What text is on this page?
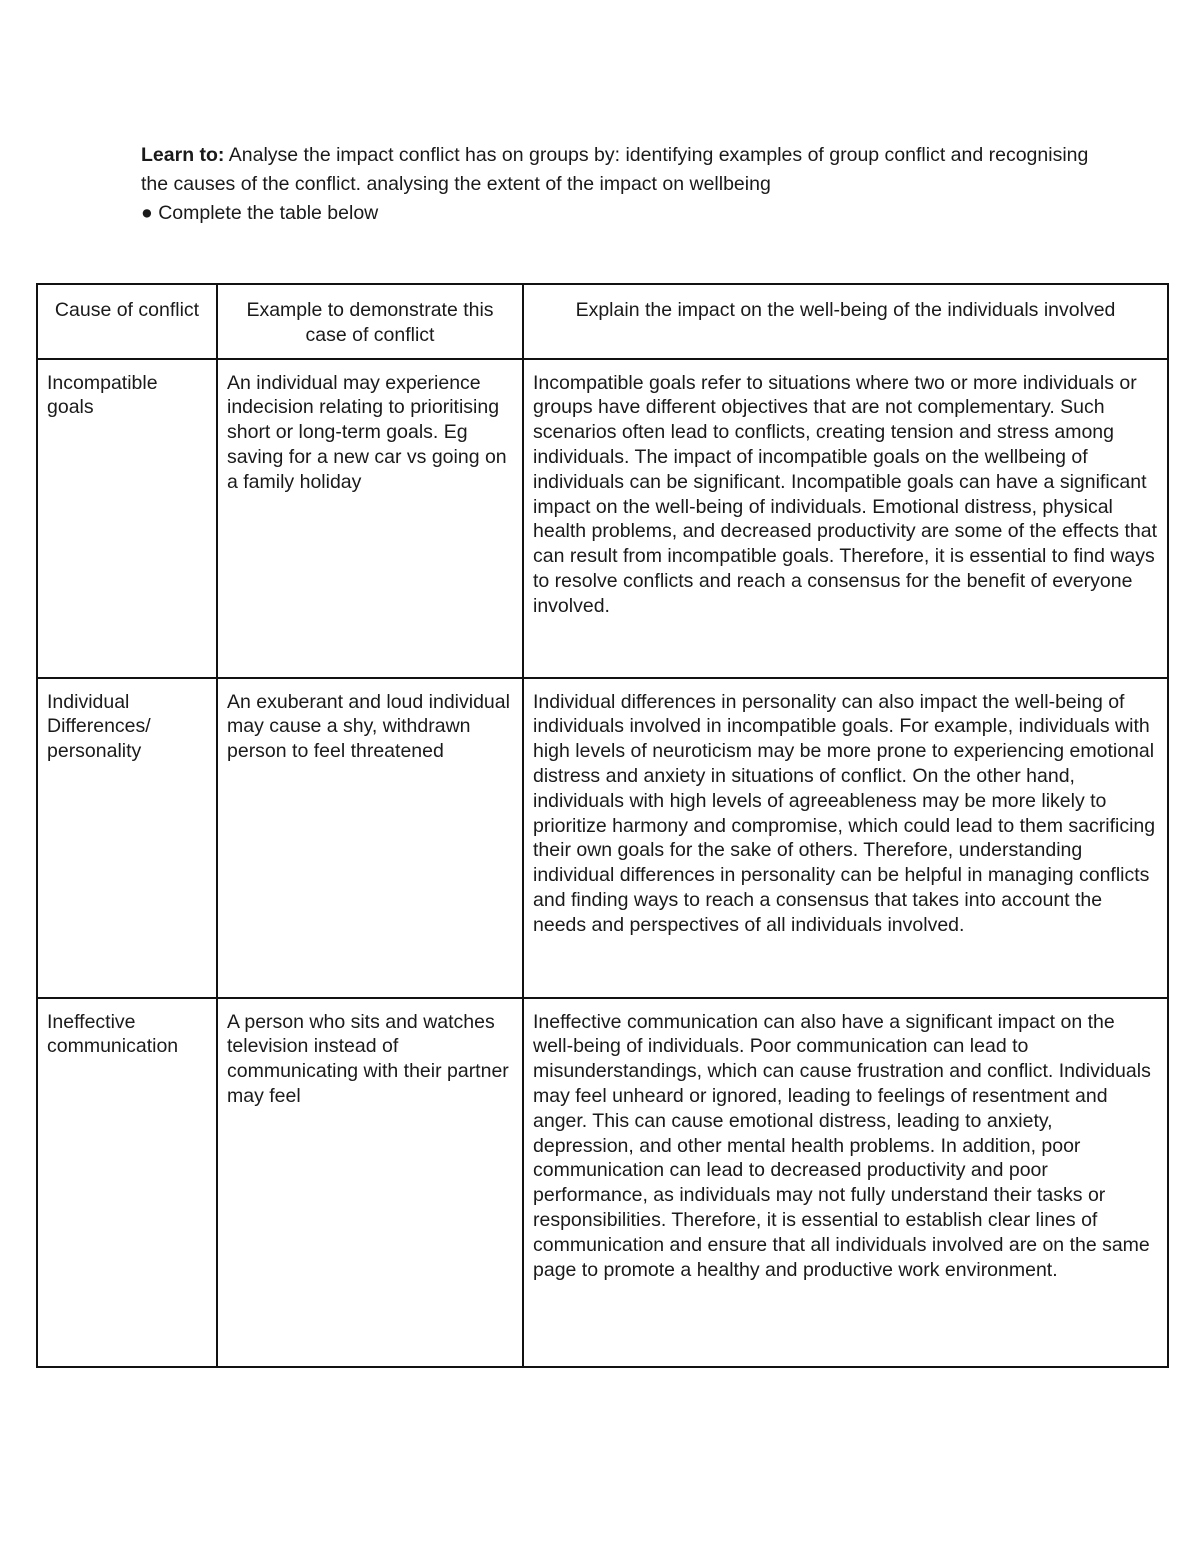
Learn to: Analyse the impact conflict has on groups by: identifying examples of group conflict and recognising the causes of the conflict. analysing the extent of the impact on wellbeing

● Complete the table below

Cause of conflict	Example to demonstrate this case of conflict	Explain the impact on the well-being of the individuals involved
Incompatible goals	An individual may experience indecision relating to prioritising short or long-term goals. Eg saving for a new car vs going on a family holiday	Incompatible goals refer to situations where two or more individuals or groups have different objectives that are not complementary. Such scenarios often lead to conflicts, creating tension and stress among individuals. The impact of incompatible goals on the wellbeing of individuals can be significant. Incompatible goals can have a significant impact on the well-being of individuals. Emotional distress, physical health problems, and decreased productivity are some of the effects that can result from incompatible goals. Therefore, it is essential to find ways to resolve conflicts and reach a consensus for the benefit of everyone involved.
Individual Differences/ personality	An exuberant and loud individual may cause a shy, withdrawn person to feel threatened	Individual differences in personality can also impact the well-being of individuals involved in incompatible goals. For example, individuals with high levels of neuroticism may be more prone to experiencing emotional distress and anxiety in situations of conflict. On the other hand, individuals with high levels of agreeableness may be more likely to prioritize harmony and compromise, which could lead to them sacrificing their own goals for the sake of others. Therefore, understanding individual differences in personality can be helpful in managing conflicts and finding ways to reach a consensus that takes into account the needs and perspectives of all individuals involved.
Ineffective communication	A person who sits and watches television instead of communicating with their partner may feel	Ineffective communication can also have a significant impact on the well-being of individuals. Poor communication can lead to misunderstandings, which can cause frustration and conflict. Individuals may feel unheard or ignored, leading to feelings of resentment and anger. This can cause emotional distress, leading to anxiety, depression, and other mental health problems. In addition, poor communication can lead to decreased productivity and poor performance, as individuals may not fully understand their tasks or responsibilities. Therefore, it is essential to establish clear lines of communication and ensure that all individuals involved are on the same page to promote a healthy and productive work environment.
